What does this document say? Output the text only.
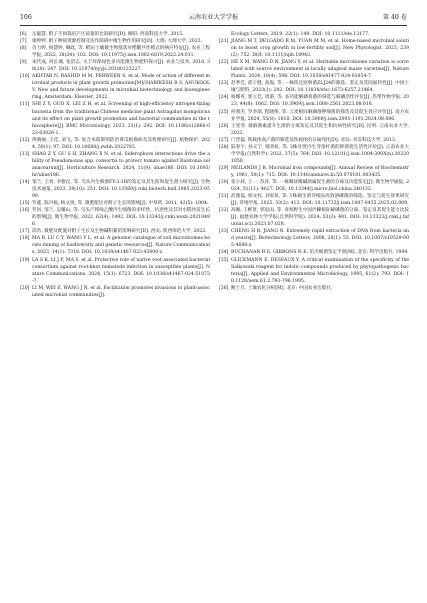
106	云南农业大学学报	第 40 卷
[6] 岳聪慧. 附子不同栽培产区质量的比较研究[D]. 绵阳: 西南科技大学, 2015.
[7] 康婷婷. 附子种质资源控制及连作障碍中微生物作用研究[D]. 大理: 大理大学, 2023.
[8] 肖力婷, 杨慧婷, 赖政, 等. 稻田土壤微生物群落对稻鳖共作模式的响应特征[J]. 农业工程学报, 2022, 38(24): 102. DOI: 10.11975/j.issn.1002-6819.2022.24.011.
[9] 朱代成, 何长城, 张留志. 关于环保绿色多功能微生物肥料探讨[J]. 农业与技术, 2018, 38(20): 247. DOI: 10.11974/nyyjs.20180133227.
[10] AKHTAR N, RASHID M M, PERWEEN S, et al. Mode of action of different microbial products in plant growth promotion[M]//HARIKESH B S, ANUKOOL V. New and future developments in microbial biotechnology and bioengineering. Amsterdam: Elsevier, 2022.
[11] SHI Z Y, GUO X, LEI Z H, et al. Screening of high-efficiency nitrogen-fixing bacteria from the traditional Chinese medicine plant Astragalus mongolicus and its effect on plant growth promotion and bacterial communities in the rhizosphere[J]. BMC Microbiology, 2023, 23(1): 292. DOI: 10.1186/s12866-023-03026-1.
[12] 佟晓丽, 王佳, 刘飞, 等. 复合木霉制剂防治黄瓜根腐病及其机理研究[J]. 植物保护, 2024, 50(1): 97. DOI: 10.16688/j.zwbh.2022783.
[13] SHAO Z Y, GU S H, ZHANG X N, et al. Siderophore interactions drive the ability of Pseudomonas spp. consortia to protect tomato against Ralstonia solanacearum[J]. Horticulture Research, 2024, 11(9): uhae186. DOI: 10.1093/hr/uhae186.
[14] 邹兰, 王勇, 李雅仪, 等. 乌头内生细菌FY-3-1R的鉴定及其生防和促生潜力研究[J]. 生物技术通报, 2023, 39(10): 251. DOI: 10.13560/j.cnki.biotech.bull.1985.2023-0590.
[15] 罗鑫, 陈丹福, 杨文锐, 等. 微肥配比对附子生长的影响[J]. 中草药, 2011, 42(5): 1004.
[16] 罗河, 邹兰, 吴璐山, 等. 乌头产吲哚乙酸内生细菌的多样性、抗逆性及其对水稻幼苗生长的影响[J]. 微生物学报, 2022, 62(4): 1492. DOI: 10.13343/j.cnki.wsxb.20210496.
[17] 邱浩. 微肥及配施对附子生长及生物碱积累的影响研究[D]. 西安: 陕西师范大学, 2022.
[18] MA B, LU C Y, WANG Y L, et al. A genomic catalogue of soil microbiomes boosts mining of biodiversity and genetic resources[J]. Nature Communications, 2023, 14(1): 7318. DOI: 10.1038/s41467-023-43000-z.
[19] LA S K, LI J F, MA S, et al. Protective role of native root-associated bacterial consortium against root-knot nematode infection in susceptible plants[J]. Nature Communications, 2024, 15(1): 6723. DOI: 10.1038/s41467-024-51073-7.
[20] LI M, WEI Z, WANG J N, et al. Facilitation promotes invasions in plant-associated microbial communities[J].
Ecology Letters, 2019, 22(1): 149. DOI: 10.1111/ele.13177.
[21] JIANG M T, DELGADO B M, YUAN M M, et al. Home-based microbial solution to boost crop growth in low-fertility soil[J]. New Phytologist, 2023, 239(2): 752. DOI: 10.1111/nph.18943.
[22] HE X M, WANG D N, JIANG Y, et al. Heritable microbiome variation is correlated with source environment in locally adapted maize varieties[J]. Nature Plants, 2024, 10(4): 598. DOI: 10.1038/s41477-024-01654-7.
[23] 赵季佳, 邱子健, 高海, 等. 一株铁还原细菌ZLJ24的筛选、鉴定及其固氮特性[J]. 中国土壤与肥料, 2023(1): 242. DOI: 10.11838/sfsc.1673-6257.21464.
[24] 杨娜英, 郭立佳, 周游, 等. 多功能解磷真菌的筛选与解磷活性评价[J]. 热带作物学报, 2023, 44(8): 1662. DOI: 10.3969/j.issn.1000-2561.2023.08.016.
[25] 何朋杰, 罗李瑞, 程晓俊, 等. 云麦根际解磷溶钾细菌的筛选及其促生效应评价[J]. 南方农业学报, 2024, 55(8): 1610. DOI: 10.3969/j.issn.2095-1191.2024.08.006.
[26] 王宪琴. 球藓菌素提升生菌的分离鉴定及其促生和抗病性研究[D]. 昆明: 云南农业大学, 2022.
[27] 门晋磊. 铁载体高产菌的筛选及铁载体的分离纯化[D]. 青岛: 青岛科技大学, 2013.
[28] 陆春宇, 孙义宁, 鄢青虹, 等. 3株甘蔗内生芽孢杆菌的抑菌促生活性评价[J]. 云南农业大学学报(自然科学), 2022, 37(5): 764. DOI: 10.12101/j.issn.1004-390X(n).202201050.
[29] NEILANDS J B. Microbial iron compounds[J]. Annual Review of Biochemistry, 1981, 50(1): 715. DOI: 10.1146/annurev.bi.50.070181.003435.
[30] 张小莉, 王一, 苏萍, 等. 一株哪盐嗜碱菌属促生菌的分离及功能鉴定[J]. 微生物学通报, 2024, 51(11): 4627. DOI: 10.13344/j.micro.biol.china.240132.
[31] 武燕磊, 杨文权, 刘家伙, 等. 1株锡生溶芽根际高效溶磷菌的筛选、鉴定与促生效果研究[J]. 草地学报, 2025, 33(2): 413. DOI: 10.11733/j.issn.1007-0435.2025.02.009.
[32] 高佩, 王彬贤, 郭思雨, 等. 青海野生中国沙棘根际解磷菌的分离、鉴定及其促生能力比较[J]. 福建农林大学学报(自然科学版), 2024, 53(3): 401. DOI: 10.13323/j.cnki.j.fafu(nat.sci).2023.07.028.
[33] CHENG H R, JIANG N. Extremely rapid extraction of DNA from bacteria and yeasts[J]. Biotechnology Letters, 2006, 28(1): 55. DOI: 10.1007/s10529-005-4688-z.
[34] BUCHANAN R E, GIBBONS N E. 伯杰细菌鉴定手册[M]. 北京: 科学出版社, 1994.
[35] GLICKMANN E, DESSAUX Y. A critical examination of the specificity of the Salkowski reagent for indolic compounds produced by phytopathogenic bacteria[J]. Applied and Environmental Microbiology, 1995, 61(2): 793. DOI: 10.1128/aem.61.2.793-796.1995.
[36] 鲍士旦. 土壤农化分析[M]. 北京: 中国农业出版社,
